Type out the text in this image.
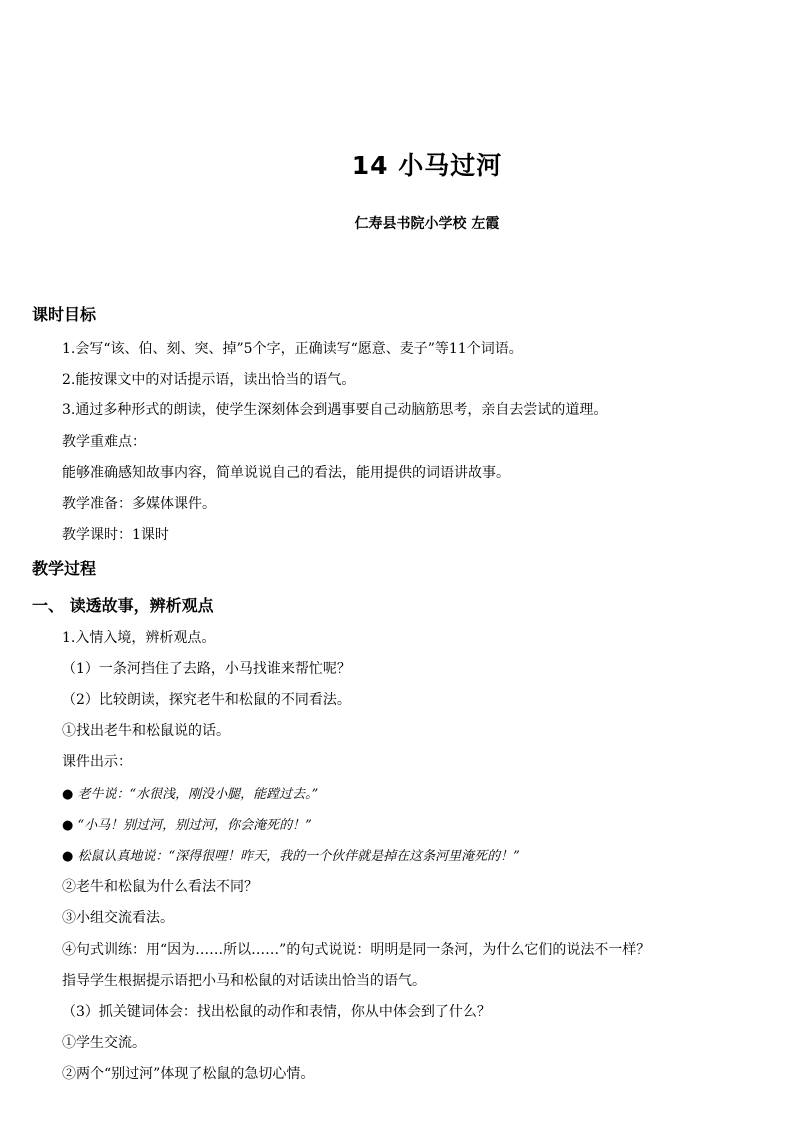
14 小马过河
仁寿县书院小学校 左霞
课时目标
1.会写“该、伯、刻、突、掉”5个字，正确读写“愿意、麦子”等11个词语。
2.能按课文中的对话提示语，读出恰当的语气。
3.通过多种形式的朗读，使学生深刻体会到遇事要自己动脑筋思考，亲自去尝试的道理。
教学重难点：
能够准确感知故事内容，简单说说自己的看法，能用提供的词语讲故事。
教学准备：多媒体课件。
教学课时：1课时
教学过程
一、 读透故事，辨析观点
1.入情入境，辨析观点。
（1）一条河挡住了去路，小马找谁来帮忙呢？
（2）比较朗读，探究老牛和松鼠的不同看法。
①找出老牛和松鼠说的话。
课件出示：
● 老牛说：“水很浅，刚没小腿，能蹚过去。”
● “小马！别过河，别过河，你会淹死的！”
● 松鼠认真地说：“深得很哩！昨天，我的一个伙伴就是掉在这条河里淹死的！”
②老牛和松鼠为什么看法不同？
③小组交流看法。
④句式训练：用“因为……所以……”的句式说说：明明是同一条河，为什么它们的说法不一样？
指导学生根据提示语把小马和松鼠的对话读出恰当的语气。
（3）抓关键词体会：找出松鼠的动作和表情，你从中体会到了什么？
①学生交流。
②两个“别过河”体现了松鼠的急切心情。
